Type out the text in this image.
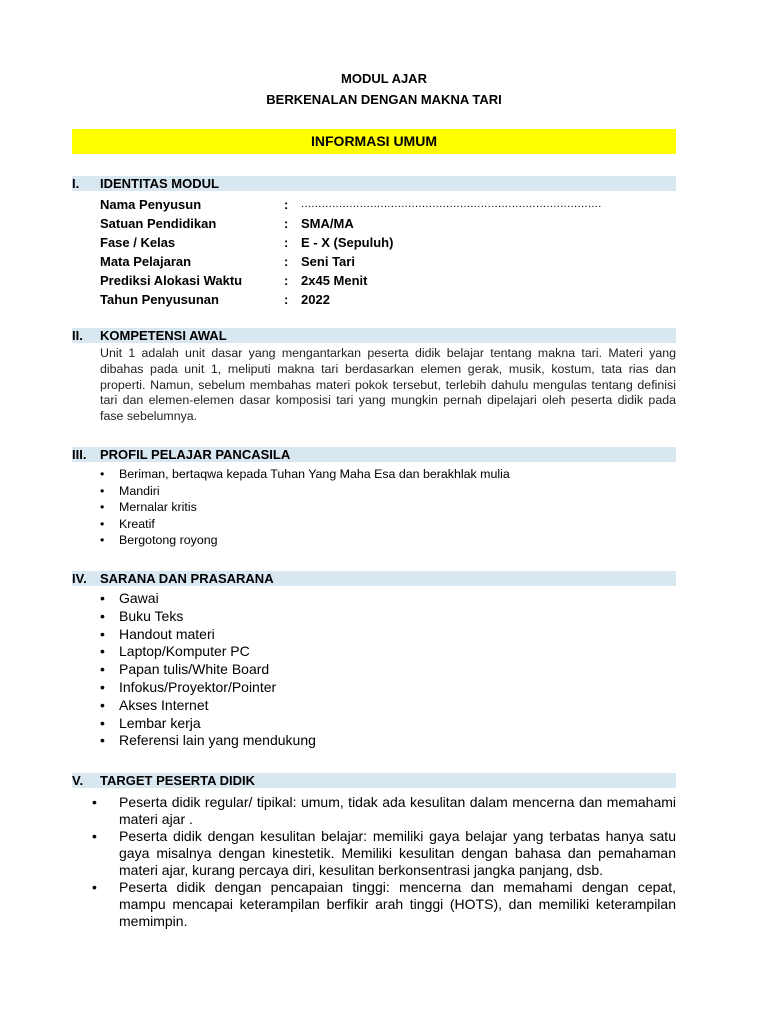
MODUL AJAR
BERKENALAN DENGAN MAKNA TARI
INFORMASI UMUM
I. IDENTITAS MODUL
Nama Penyusun	: .......................................................................................
Satuan Pendidikan	: SMA/MA
Fase / Kelas	: E - X (Sepuluh)
Mata Pelajaran	: Seni Tari
Prediksi Alokasi Waktu	: 2x45 Menit
Tahun Penyusunan	: 2022
II. KOMPETENSI AWAL
Unit 1 adalah unit dasar yang mengantarkan peserta didik belajar tentang makna tari. Materi yang dibahas pada unit 1, meliputi makna tari berdasarkan elemen gerak, musik, kostum, tata rias dan properti. Namun, sebelum membahas materi pokok tersebut, terlebih dahulu mengulas tentang definisi tari dan elemen-elemen dasar komposisi tari yang mungkin pernah dipelajari oleh peserta didik pada fase sebelumnya.
III. PROFIL PELAJAR PANCASILA
• Beriman, bertaqwa kepada Tuhan Yang Maha Esa dan berakhlak mulia
• Mandiri
• Mernalar kritis
• Kreatif
• Bergotong royong
IV. SARANA DAN PRASARANA
• Gawai
• Buku Teks
• Handout materi
• Laptop/Komputer PC
• Papan tulis/White Board
• Infokus/Proyektor/Pointer
• Akses Internet
• Lembar kerja
• Referensi lain yang mendukung
V. TARGET PESERTA DIDIK
• Peserta didik regular/ tipikal: umum, tidak ada kesulitan dalam mencerna dan memahami materi ajar .
• Peserta didik dengan kesulitan belajar: memiliki gaya belajar yang terbatas hanya satu gaya misalnya dengan kinestetik. Memiliki kesulitan dengan bahasa dan pemahaman materi ajar, kurang percaya diri, kesulitan berkonsentrasi jangka panjang, dsb.
• Peserta didik dengan pencapaian tinggi: mencerna dan memahami dengan cepat, mampu mencapai keterampilan berfikir arah tinggi (HOTS), dan memiliki keterampilan memimpin.
